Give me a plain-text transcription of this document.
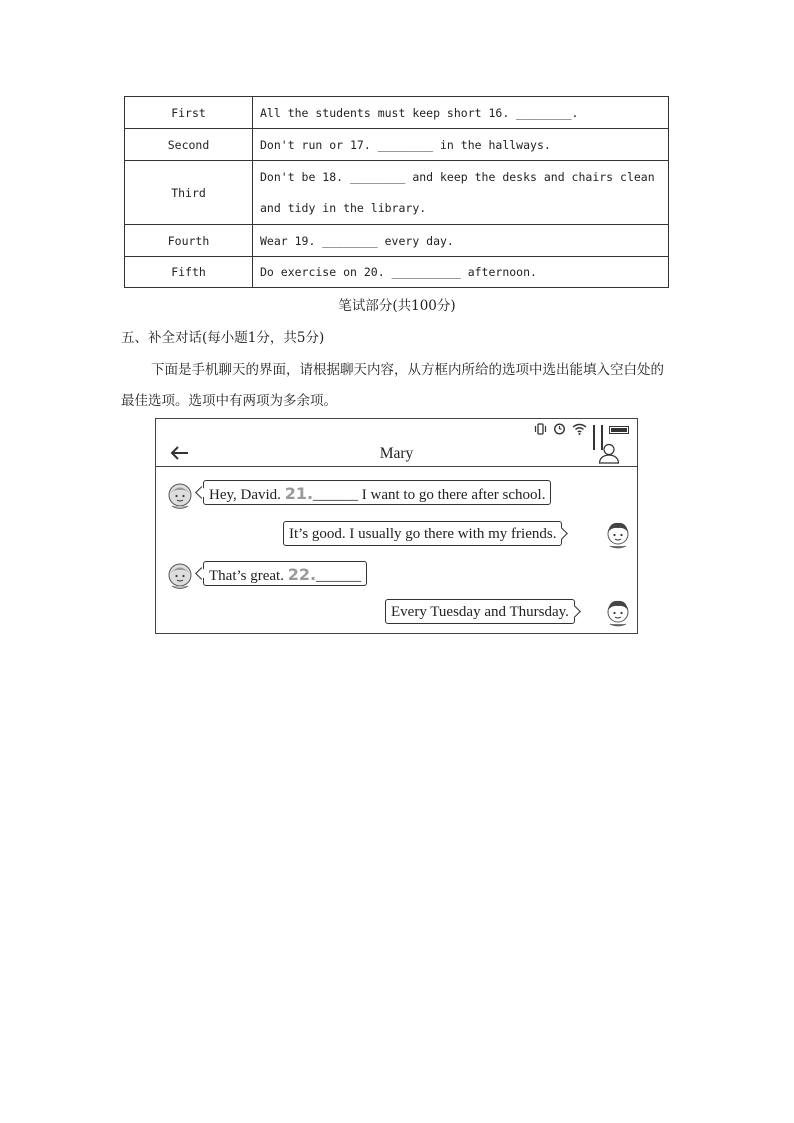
First	All the students must keep short 16. ________.
Second	Don't run or 17. ________ in the hallways.
Third	Don't be 18. ________ and keep the desks and chairs clean and tidy in the library.
Fourth	Wear 19. ________ every day.
Fifth	Do exercise on 20. __________ afternoon.
笔试部分(共100分)
五、补全对话(每小题1分，共5分)
下面是手机聊天的界面，请根据聊天内容，从方框内所给的选项中选出能填入空白处的最佳选项。选项中有两项为多余项。
Mary
Hey, David. 21.______ I want to go there after school.
It’s good. I usually go there with my friends.
That’s great. 22.______
Every Tuesday and Thursday.
